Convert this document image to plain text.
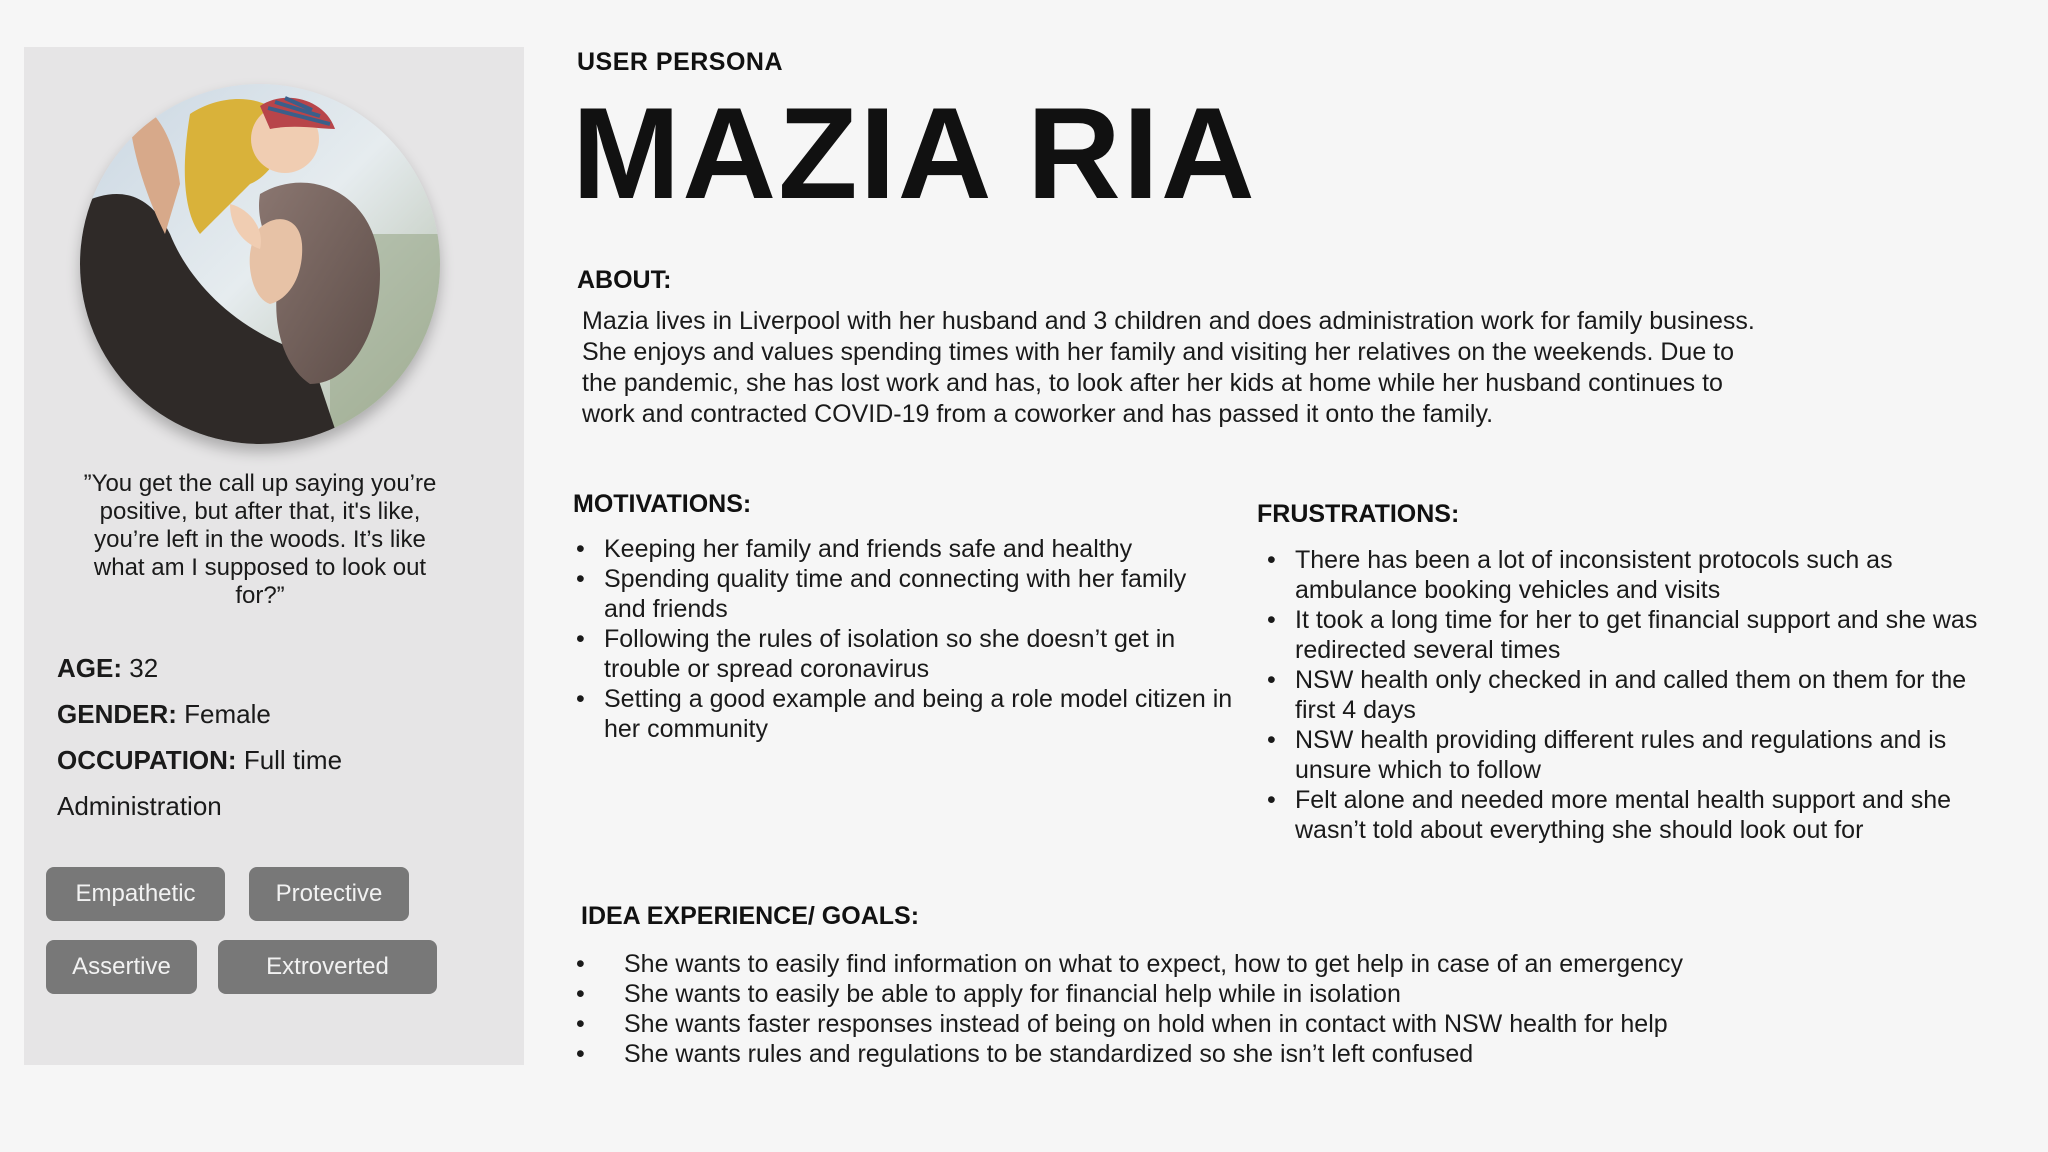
”You get the call up saying you’re positive, but after that, it's like, you’re left in the woods. It’s like what am I supposed to look out for?”
AGE: 32
GENDER: Female
OCCUPATION: Full time
Administration
Empathetic	Protective
Assertive	Extroverted
USER PERSONA
MAZIA RIA
ABOUT:

Mazia lives in Liverpool with her husband and 3 children and does administration work for family business.

She enjoys and values spending times with her family and visiting her relatives on the weekends. Due to

the pandemic, she has lost work and has, to look after her kids at home while her husband continues to

work and contracted COVID-19 from a coworker and has passed it onto the family.

MOTIVATIONS:
• Keeping her family and friends safe and healthy
• Spending quality time and connecting with her family and friends
• Following the rules of isolation so she doesn’t get in trouble or spread coronavirus
• Setting a good example and being a role model citizen in her community
FRUSTRATIONS:
• There has been a lot of inconsistent protocols such as ambulance booking vehicles and visits
• It took a long time for her to get financial support and she was redirected several times
• NSW health only checked in and called them on them for the first 4 days
• NSW health providing different rules and regulations and is unsure which to follow
• Felt alone and needed more mental health support and she wasn’t told about everything she should look out for
IDEA EXPERIENCE/ GOALS:
• She wants to easily find information on what to expect, how to get help in case of an emergency
• She wants to easily be able to apply for financial help while in isolation
• She wants faster responses instead of being on hold when in contact with NSW health for help
• She wants rules and regulations to be standardized so she isn’t left confused
